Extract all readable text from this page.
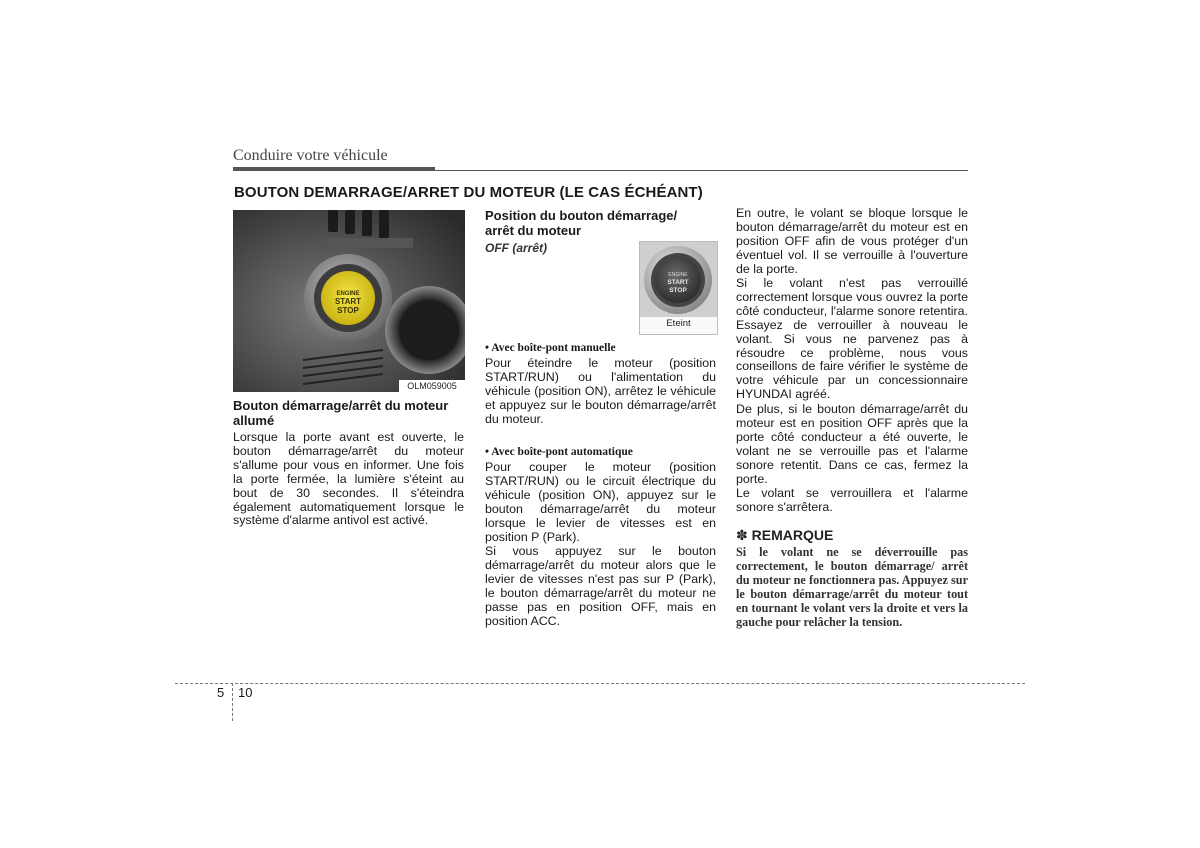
Conduire votre véhicule
BOUTON DEMARRAGE/ARRET DU MOTEUR (LE CAS ÉCHÉANT)
ENGINE
START
STOP
OLM059005
Bouton démarrage/arrêt du moteur allumé
Lorsque la porte avant est ouverte, le bouton démarrage/arrêt du moteur s'allume pour vous en informer. Une fois la porte fermée, la lumière s'éteint au bout de 30 secondes. Il s'éteindra également automatiquement lorsque le système d'alarme antivol est activé.
Position du bouton démarrage/ arrêt du moteur
OFF (arrêt)
ENGINE
START
STOP
Eteint
• Avec boîte-pont manuelle
Pour éteindre le moteur (position START/RUN) ou l'alimentation du véhicule (position ON), arrêtez le véhicule et appuyez sur le bouton démarrage/arrêt du moteur.
• Avec boîte-pont automatique
Pour couper le moteur (position START/RUN) ou le circuit électrique du véhicule (position ON), appuyez sur le bouton démarrage/arrêt du moteur lorsque le levier de vitesses est en position P (Park).
Si vous appuyez sur le bouton démarrage/arrêt du moteur alors que le levier de vitesses n'est pas sur P (Park), le bouton démarrage/arrêt du moteur ne passe pas en position OFF, mais en position ACC.
En outre, le volant se bloque lorsque le bouton démarrage/arrêt du moteur est en position OFF afin de vous protéger d'un éventuel vol. Il se verrouille à l'ouverture de la porte.
Si le volant n'est pas verrouillé correctement lorsque vous ouvrez la porte côté conducteur, l'alarme sonore retentira. Essayez de verrouiller à nouveau le volant. Si vous ne parvenez pas à résoudre ce problème, nous vous conseillons de faire vérifier le système de votre véhicule par un concessionnaire HYUNDAI agréé.
De plus, si le bouton démarrage/arrêt du moteur est en position OFF après que la porte côté conducteur a été ouverte, le volant ne se verrouille pas et l'alarme sonore retentit. Dans ce cas, fermez la porte.
Le volant se verrouillera et l'alarme sonore s'arrêtera.
✽ REMARQUE
Si le volant ne se déverrouille pas correctement, le bouton démarrage/ arrêt du moteur ne fonctionnera pas. Appuyez sur le bouton démarrage/arrêt du moteur tout en tournant le volant vers la droite et vers la gauche pour relâcher la tension.
5 10
